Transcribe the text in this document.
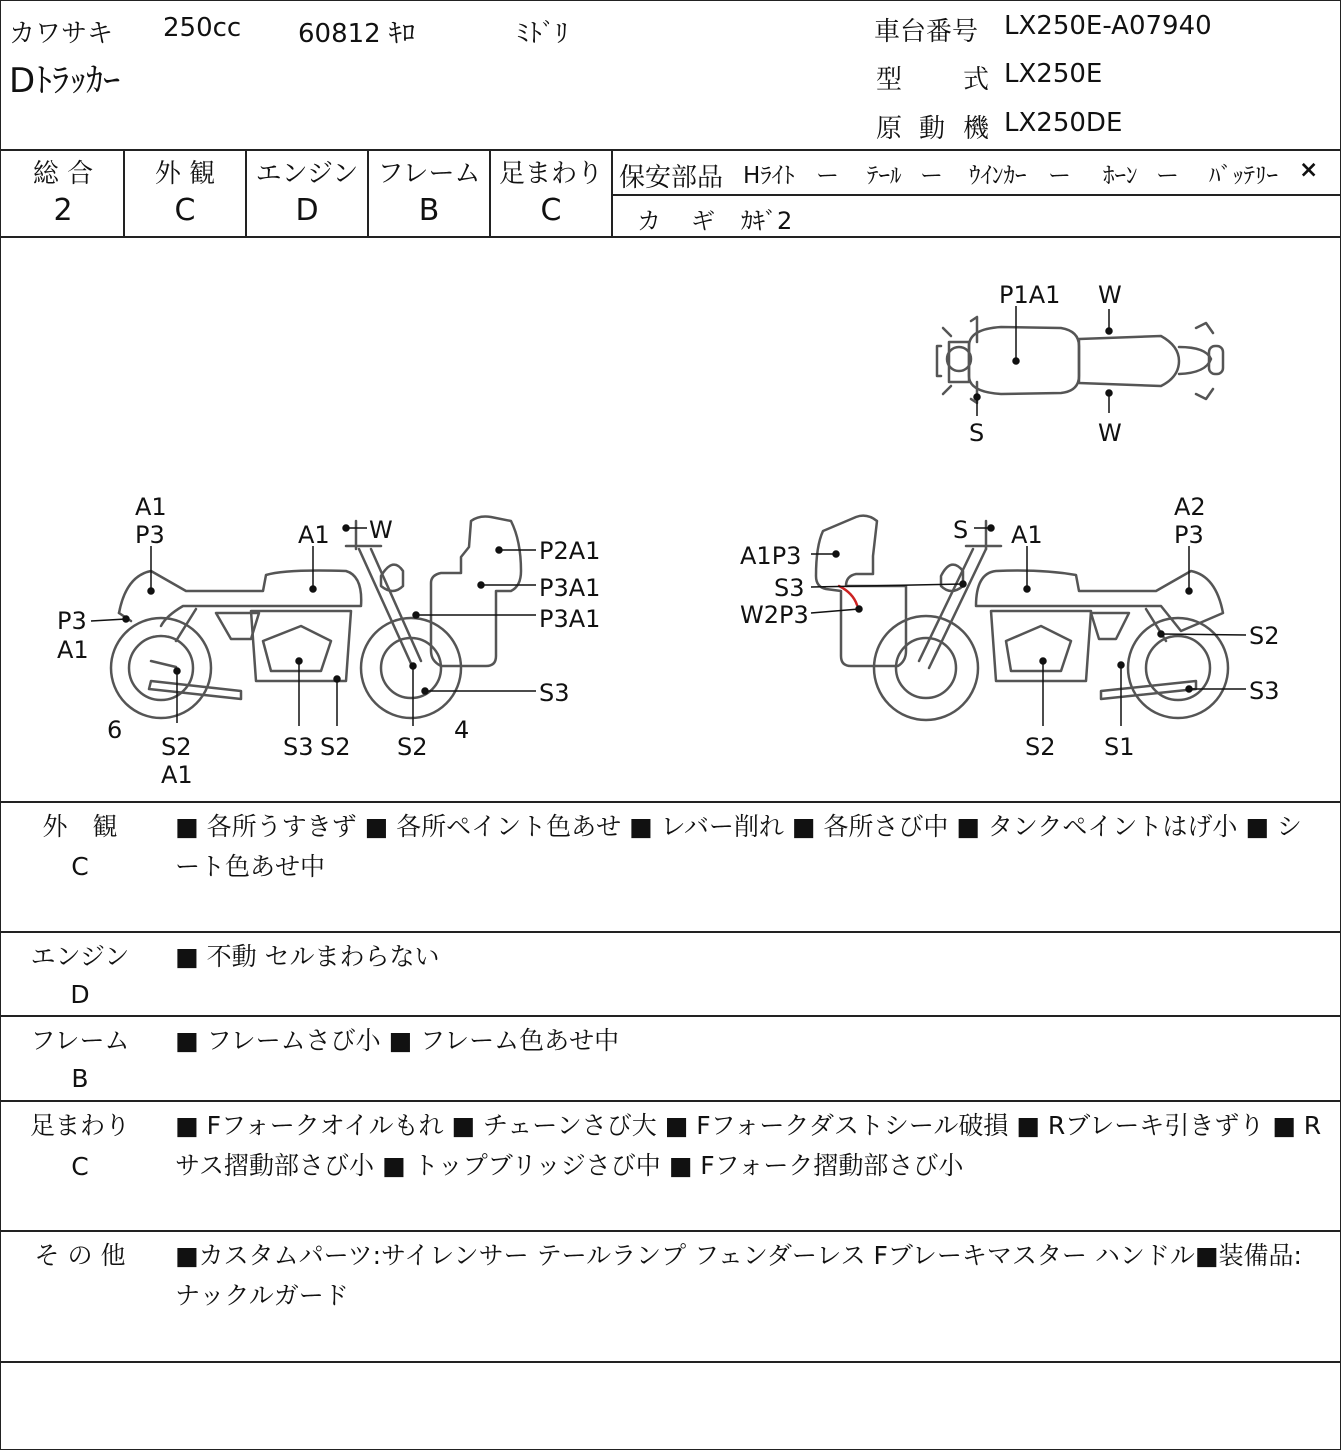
カワサキ 250cc 60812 ｷﾛ	ﾐﾄﾞﾘ
Dﾄﾗｯｶｰ
車台番号 LX250E-A07940
型 式 LX250E
原 動 機 LX250DE
総 合
2
外 観
C
エンジン
D
フレーム
B
足まわり
C
保安部品 Hﾗｲﾄ ー ﾃｰﾙ ー ｳｲﾝｶｰ ー ﾎｰﾝ ー ﾊﾞｯﾃﾘｰ ×
カ ギ ｶｷﾞ2
P1A1 W
S	W
A1
P3	A1 W
P2A1
P3A1
P3A1
P3
A1
S3
6
S2
A1
S3 S2 S2
4
S A1
A2
P3
A1P3
S3
W2P3
S2
S3
S2 S1
外　観
C
■ 各所うすきず ■ 各所ペイント色あせ ■ レバー削れ ■ 各所さび中 ■ タンクペイントはげ小 ■ シート色あせ中
エンジン
D
■ 不動 セルまわらない
フレーム
B
■ フレームさび小 ■ フレーム色あせ中
足まわり
C
■ Fフォークオイルもれ ■ チェーンさび大 ■ Fフォークダストシール破損 ■ Rブレーキ引きずり ■ Rサス摺動部さび小 ■ トップブリッジさび中 ■ Fフォーク摺動部さび小
そ の 他	■カスタムパーツ:サイレンサー テールランプ フェンダーレス Fブレーキマスター ハンドル■装備品:ナックルガード
